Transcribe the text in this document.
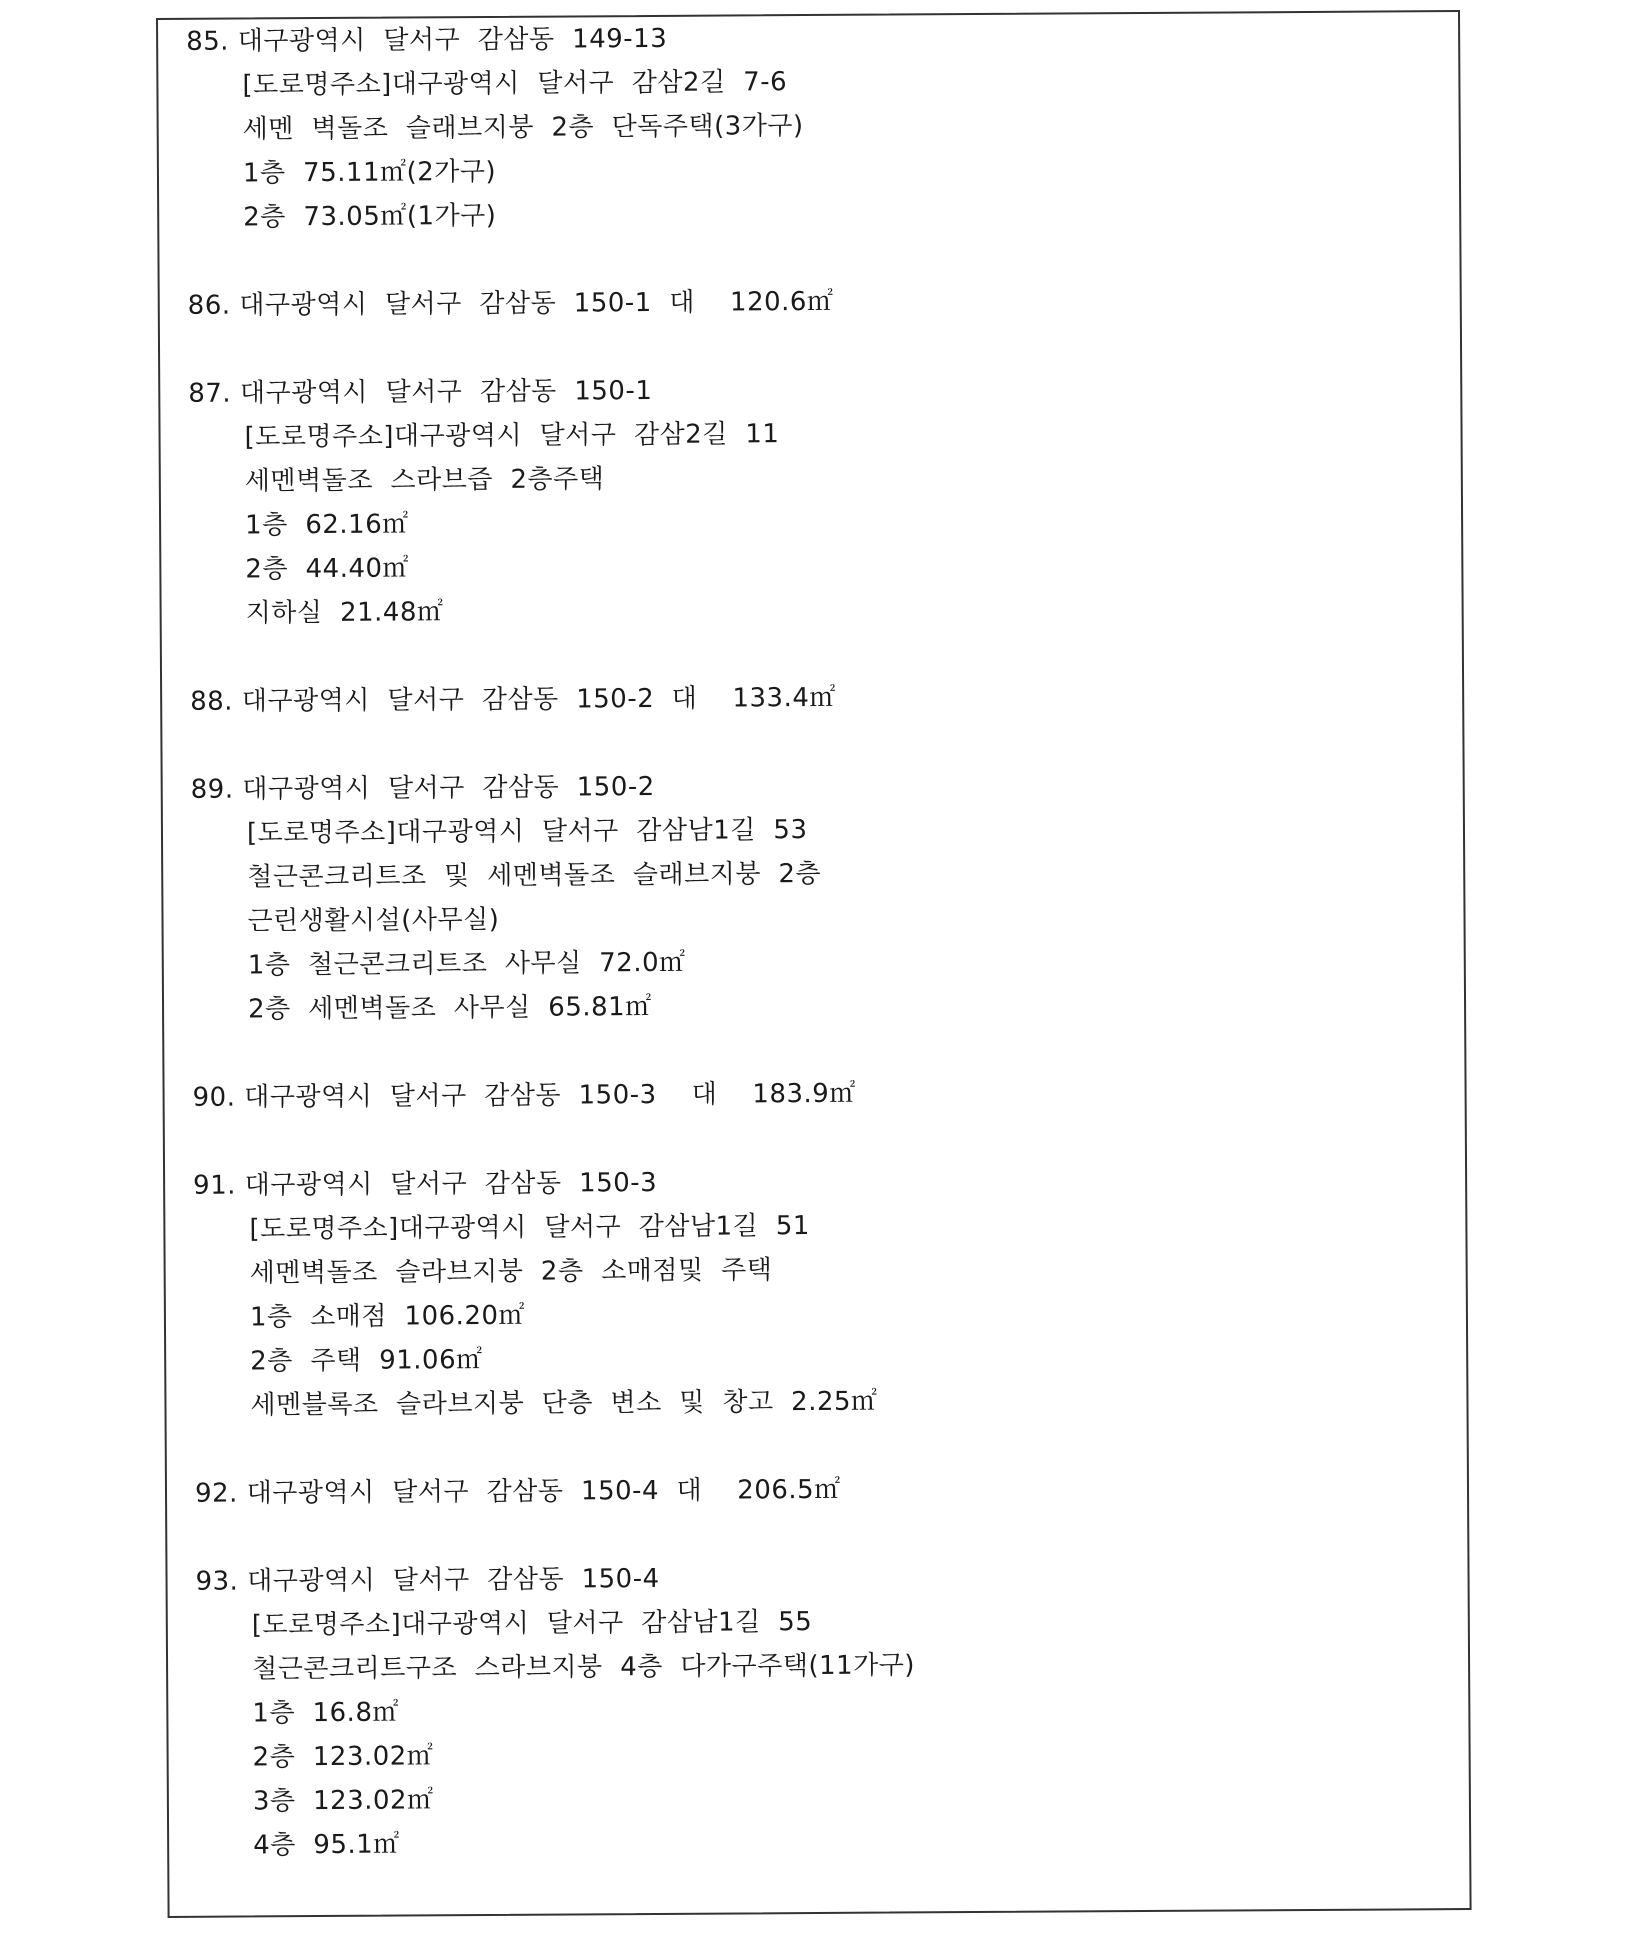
85. 대구광역시  달서구  감삼동  149-13
[도로명주소]대구광역시  달서구  감삼2길  7-6
세멘  벽돌조  슬래브지붕  2층  단독주택(3가구)
1층  75.11㎡(2가구)
2층  73.05㎡(1가구)
86. 대구광역시  달서구  감삼동  150-1  대    120.6㎡
87. 대구광역시  달서구  감삼동  150-1
[도로명주소]대구광역시  달서구  감삼2길  11
세멘벽돌조  스라브즙  2층주택
1층  62.16㎡
2층  44.40㎡
지하실  21.48㎡
88. 대구광역시  달서구  감삼동  150-2  대    133.4㎡
89. 대구광역시  달서구  감삼동  150-2
[도로명주소]대구광역시  달서구  감삼남1길  53
철근콘크리트조  및  세멘벽돌조  슬래브지붕  2층
근린생활시설(사무실)
1층  철근콘크리트조  사무실  72.0㎡
2층  세멘벽돌조  사무실  65.81㎡
90. 대구광역시  달서구  감삼동  150-3    대    183.9㎡
91. 대구광역시  달서구  감삼동  150-3
[도로명주소]대구광역시  달서구  감삼남1길  51
세멘벽돌조  슬라브지붕  2층  소매점및  주택
1층  소매점  106.20㎡
2층  주택  91.06㎡
세멘블록조  슬라브지붕  단층  변소  및  창고  2.25㎡
92. 대구광역시  달서구  감삼동  150-4  대    206.5㎡
93. 대구광역시  달서구  감삼동  150-4
[도로명주소]대구광역시  달서구  감삼남1길  55
철근콘크리트구조  스라브지붕  4층  다가구주택(11가구)
1층  16.8㎡
2층  123.02㎡
3층  123.02㎡
4층  95.1㎡
